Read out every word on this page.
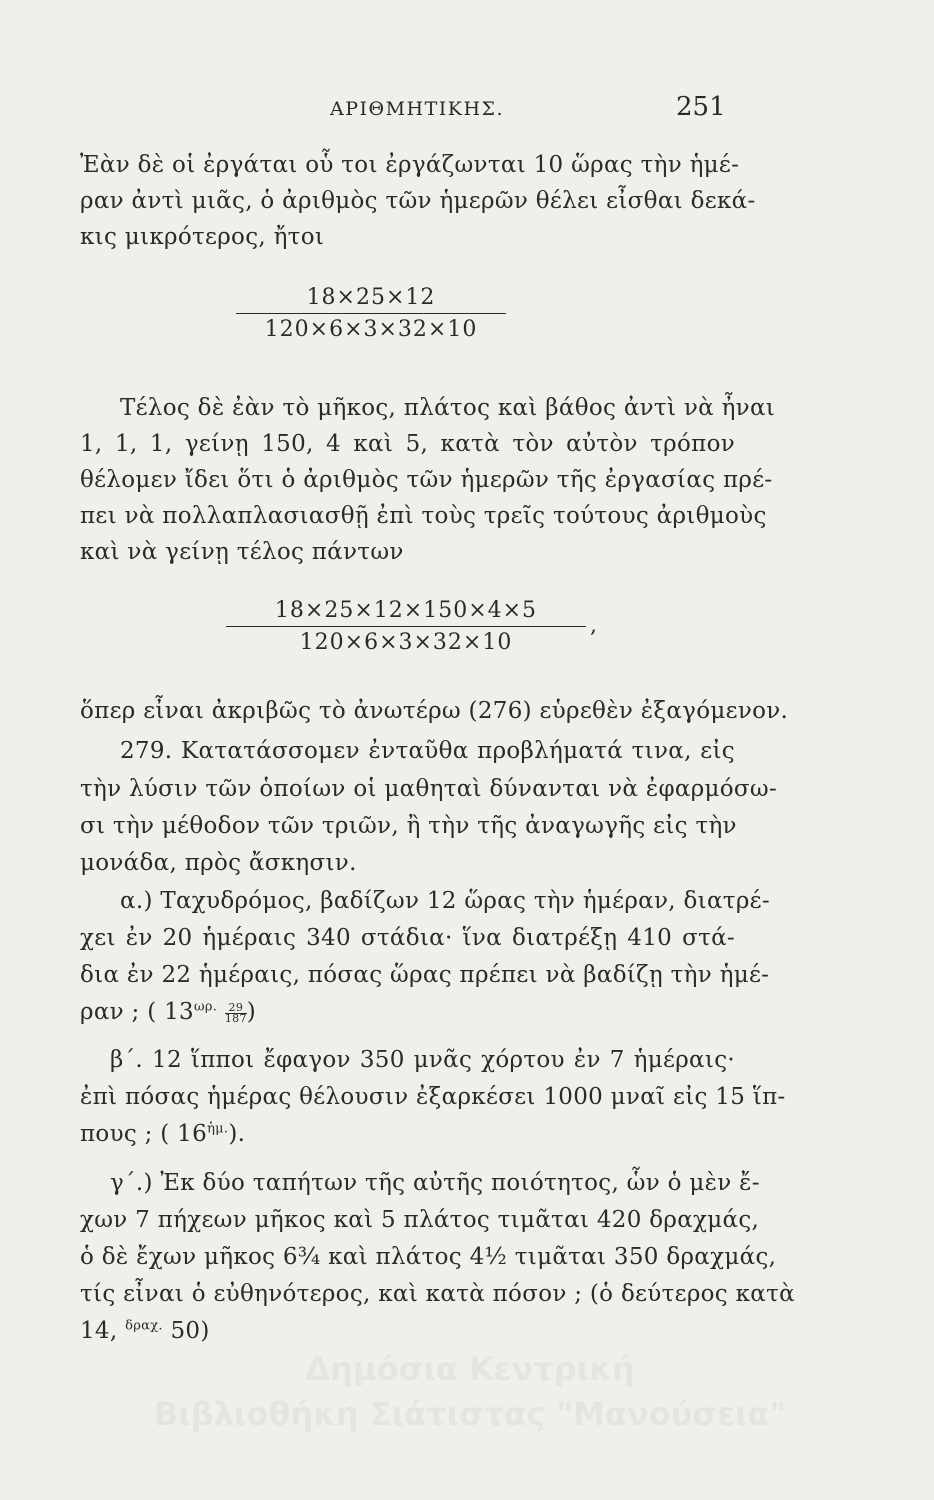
ΑΡΙΘΜΗΤΙΚΗΣ.	251
Ἐὰν δὲ οἱ ἐργάται οὗ τοι ἐργάζωνται 10 ὥρας τὴν ἡμέ-
ραν ἀντὶ μιᾶς, ὁ ἀριθμὸς τῶν ἡμερῶν θέλει εἶσθαι δεκά-
κις μικρότερος, ἤτοι
18×25×12
120×6×3×32×10
Τέλος δὲ ἐὰν τὸ μῆκος, πλάτος καὶ βάθος ἀντὶ νὰ ἦναι
1, 1, 1, γείνῃ 150, 4 καὶ 5, κατὰ τὸν αὐτὸν τρόπον
θέλομεν ἴδει ὅτι ὁ ἀριθμὸς τῶν ἡμερῶν τῆς ἐργασίας πρέ-
πει νὰ πολλαπλασιασθῇ ἐπὶ τοὺς τρεῖς τούτους ἀριθμοὺς
καὶ νὰ γείνῃ τέλος πάντων
18×25×12×150×4×5
120×6×3×32×10
,
ὅπερ εἶναι ἀκριβῶς τὸ ἀνωτέρω (276) εὑρεθὲν ἐξαγόμενον.
279. Κατατάσσομεν ἐνταῦθα προβλήματά τινα, εἰς
τὴν λύσιν τῶν ὁποίων οἱ μαθηταὶ δύνανται νὰ ἐφαρμόσω-
σι τὴν μέθοδον τῶν τριῶν, ἢ τὴν τῆς ἀναγωγῆς εἰς τὴν
μονάδα, πρὸς ἄσκησιν.
α.) Ταχυδρόμος, βαδίζων 12 ὥρας τὴν ἡμέραν, διατρέ-
χει ἐν 20 ἡμέραις 340 στάδια· ἵνα διατρέξῃ 410 στά-
δια ἐν 22 ἡμέραις, πόσας ὥρας πρέπει νὰ βαδίζῃ τὴν ἡμέ-
ραν ; ( $13^{\omega\rho.} \frac{29}{187}$ )
β΄. 12 ἵπποι ἔφαγον 350 μνᾶς χόρτου ἐν 7 ἡμέραις·
ἐπὶ πόσας ἡμέρας θέλουσιν ἐξαρκέσει 1000 μναῖ εἰς 15 ἵπ-
πους ; ( $16^{ἡ\mu.}$).
γ΄.) Ἐκ δύο ταπήτων τῆς αὐτῆς ποιότητος, ὧν ὁ μὲν ἔ-
χων 7 πήχεων μῆκος καὶ 5 πλάτος τιμᾶται 420 δραχμάς,
ὁ δὲ ἔχων μῆκος 6¾ καὶ πλάτος 4½ τιμᾶται 350 δραχμάς,
τίς εἶναι ὁ εὐθηνότερος, καὶ κατὰ πόσον ; (ὁ δεύτερος κατὰ
14, $^{\delta\rho\alpha\chi.}$ 50)
Δημόσια Κεντρική
Βιβλιοθήκη Σιάτιστας "Μανούσεια"
